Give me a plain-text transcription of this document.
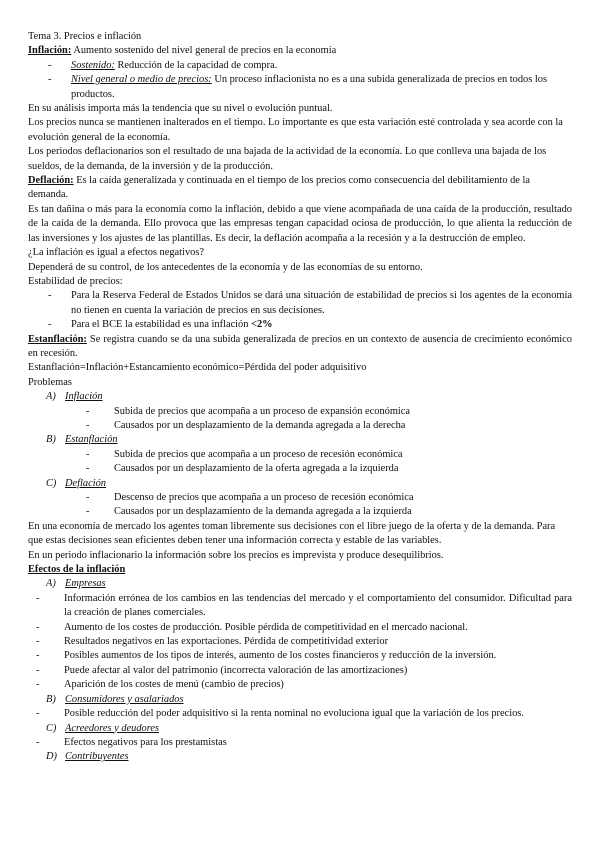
Tema 3. Precios e inflación

Inflación: Aumento sostenido del nivel general de precios en la economía

- Sostenido: Reducción de la capacidad de compra.

- Nivel general o medio de precios: Un proceso inflacionista no es a una subida generalizada de precios en todos los productos.

En su análisis importa más la tendencia que su nivel o evolución puntual.

Los precios nunca se mantienen inalterados en el tiempo. Lo importante es que esta variación esté controlada y sea acorde con la evolución general de la economía.

Los periodos deflacionarios son el resultado de una bajada de la actividad de la economía. Lo que conlleva una bajada de los sueldos, de la demanda, de la inversión y de la producción.

Deflación: Es la caída generalizada y continuada en el tiempo de los precios como consecuencia del debilitamiento de la demanda.

Es tan dañina o más para la economía como la inflación, debido a que viene acompañada de una caída de la producción, resultado de la caída de la demanda. Ello provoca que las empresas tengan capacidad ociosa de producción, lo que alienta la reducción de las inversiones y los ajustes de las plantillas. Es decir, la deflación acompaña a la recesión y a la destrucción de empleo.

¿La inflación es igual a efectos negativos?

Dependerá de su control, de los antecedentes de la economía y de las economías de su entorno.

Estabilidad de precios:

- Para la Reserva Federal de Estados Unidos se dará una situación de estabilidad de precios si los agentes de la economía no tienen en cuenta la variación de precios en sus decisiones.

- Para el BCE la estabilidad es una inflación <2%

Estanflación: Se registra cuando se da una subida generalizada de precios en un contexto de ausencia de crecimiento económico en recesión.

Estanflación=Inflación+Estancamiento económico=Pérdida del poder adquisitivo

Problemas

A) Inflación

- Subida de precios que acompaña a un proceso de expansión económica

- Causados por un desplazamiento de la demanda agregada a la derecha

B) Estanflación

- Subida de precios que acompaña a un proceso de recesión económica

- Causados por un desplazamiento de la oferta agregada a la izquierda

C) Deflación

- Descenso de precios que acompaña a un proceso de recesión económica

- Causados por un desplazamiento de la demanda agregada a la izquierda

En una economía de mercado los agentes toman libremente sus decisiones con el libre juego de la oferta y de la demanda. Para que estas decisiones sean eficientes deben tener una información correcta y estable de las variables.

En un periodo inflacionario la información sobre los precios es imprevista y produce desequilibrios.

Efectos de la inflación

A) Empresas

- Información errónea de los cambios en las tendencias del mercado y el comportamiento del consumidor. Dificultad para la creación de planes comerciales.

- Aumento de los costes de producción. Posible pérdida de competitividad en el mercado nacional.

- Resultados negativos en las exportaciones. Pérdida de competitividad exterior

- Posibles aumentos de los tipos de interés, aumento de los costes financieros y reducción de la inversión.

- Puede afectar al valor del patrimonio (incorrecta valoración de las amortizaciones)

- Aparición de los costes de menú (cambio de precios)

B) Consumidores y asalariados

- Posible reducción del poder adquisitivo si la renta nominal no evoluciona igual que la variación de los precios.

C) Acreedores y deudores

- Efectos negativos para los prestamistas

D) Contribuyentes
